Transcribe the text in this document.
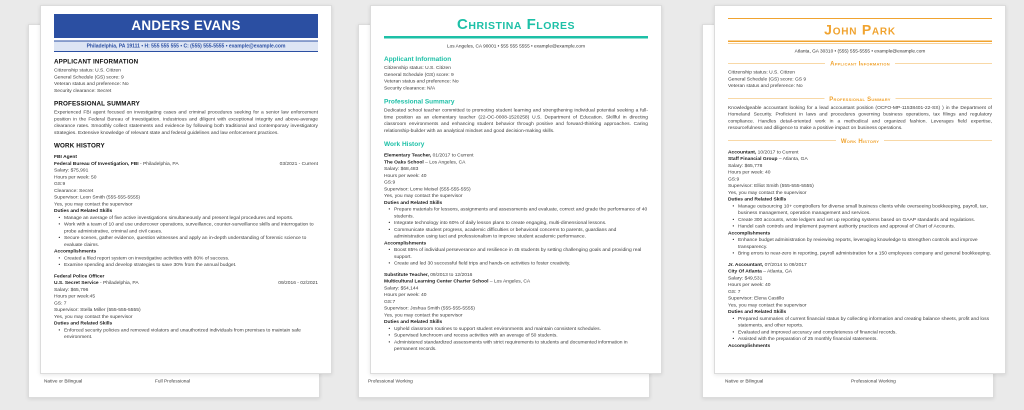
Native or Bilingual	Full Professional
ANDERS EVANS
Philadelphia, PA 19111 • H: 555 555 555 • C: (555) 555-5555 • example@example.com
APPLICANT INFORMATION
Citizenship status: U.S. Citizen
General Schedule (GS) score: 9
Veteran status and preference: No
Security clearance: Secret
PROFESSIONAL SUMMARY
Experienced FBI agent focused on investigating cases and criminal procedures seeking for a senior law enforcement position in the Federal Bureau of Investigation. Industrious and diligent with exceptional integrity and above-average clearance rates. Smoothly collect statements and evidence by following both traditional and contemporary investigatory strategies. Extensive knowledge of relevant state and federal guidelines and law enforcement practices.
WORK HISTORY
FBI Agent
Federal Bureau Of Investigation, FBI - Philadelphia, PA	03/2021 - Current
Salary: $75,991
Hours per week: 50
GS:9
Clearance: Secret
Supervisor: Leon Smith (555-555-5555)
Yes, you may contact the supervisor
Duties and Related Skills
• Manage an average of five active investigations simultaneously and present legal procedures and reports.
• Work with a team of 10 and use undercover operations, surveillance, counter-surveillance skills and interrogation to probe administrative, criminal and civil cases.
• Secure scenes, gather evidence, question witnesses and apply an in-depth understanding of forensic science to evaluate claims.
Accomplishments
• Created a filed report system on investigative activities with 80% of success.
• Examine spending and develop strategies to save 30% from the annual budget.
Federal Police Officer
U.S. Secret Service - Philadelphia, PA	09/2016 - 02/2021
Salary: $65,796
Hours per week:45
GS: 7
Supervisor: Stella Miller (555-555-5555)
Yes, you may contact the supervisor
Duties and Related Skills
• Enforced security policies and removed violators and unauthorized individuals from premises to maintain safe environment.
Professional Working
Christina Flores
Los Angeles, CA 90001 • 555 555 5555 • example@example.com
Applicant Information
Citizenship status: U.S. Citizen
General Schedule (GS) score: 9
Veteran status and preference: No
Security clearance: N/A
Professional Summary
Dedicated school teacher committed to promoting student learning and strengthening individual potential seeking a full-time position as an elementary teacher (22-OC-0008-1520258) U.S. Department of Education. Skillful in directing classroom environments and enhancing student behavior through positive and forward-thinking approaches. Caring relationship-builder with an analytical mindset and good decision-making skills.
Work History
Elementary Teacher, 01/2017 to Current
The Oaks School – Los Angeles, CA
Salary: $68,483
Hours per week: 40
GS:9
Supervisor: Lorne Meisel (555-555-555)
Yes, you may contact the supervisor
Duties and Related Skills
• Prepare materials for lessons, assignments and assessments and evaluate, correct and grade the performance of 40 students.
• Integrate technology into 60% of daily lesson plans to create engaging, multi-dimensional lessons.
• Communicate student progress, academic difficulties or behavioral concerns to parents, guardians and administration using tact and professionalism to improve student academic performance.
Accomplishments
• Boost 85% of individual perseverance and resilience in 45 students by setting challenging goals and providing real support.
• Create and led 30 successful field trips and hands-on activities to foster creativity.
Substitute Teacher, 09/2013 to 12/2016
Multicultural Learning Center Charter School – Los Angeles, CA
Salary: $54,144
Hours per week: 40
GS:7
Supervisor: Joshua Smith (555-555-5555)
Yes, you may contact the supervisor
Duties and Related Skills
• Upheld classroom routines to support student environments and maintain consistent schedules.
• Supervised lunchroom and recess activities with an average of 50 students.
• Administered standardized assessments with strict requirements to students and documented information in permanent records.
Native or Bilingual	Professional Working
John Park
Atlanta, GA 30310 • (555) 555-5555 • example@example.com
Applicant Information
Citizenship status: U.S. Citizen
General Schedule (GS) score: GS 9
Veteran status and preference: No
Professional Summary
Knowledgeable accountant looking for a lead accountant position (OCFO-MP-11538401-22-SS) ) in the Department of Homeland Security. Proficient in laws and procedures governing business operations, tax filings and regulatory compliance. Handles detail-oriented work in a methodical and organized fashion. Leverages field expertise, resourcefulness and diligence to make a positive impact on business operations.
Work History
Accountant, 10/2017 to Current
Staff Financial Group – Atlanta, GA
Salary: $65,778
Hours per week: 40
GS:9
Supervisor: Elliot Smith (555-555-5555)
Yes, you may contact the supervisor
Duties and Related Skills
• Manage outsourcing 10+ comptrollers for diverse small business clients while overseeing bookkeeping, payroll, tax, business management, operation management and services.
• Create 300 accounts, wrote ledgers and set up reporting systems based on GAAP standards and regulations.
• Handel cash controls and implement payment authority practices and approval of Chart of Accounts.
Accomplishments
• Enhance budget administration by reviewing reports, leveraging knowledge to strengthen controls and improve transparency.
• Bring errors to near-zero in reporting, payroll administration for a 150 employees company and general bookkeeping.
Jr. Accountant, 07/2014 to 09/2017
City Of Atlanta – Atlanta, GA
Salary: $49,531
Hours per week: 40
GS: 7
Supervisor: Elena Castillo
Yes, you may contact the supervisor
Duties and Related Skills
• Prepared summaries of current financial status by collecting information and creating balance sheets, profit and loss statements, and other reports.
• Evaluated and improved accuracy and completeness of financial records.
• Assisted with the preparation of 25 monthly financial statements.
Accomplishments
